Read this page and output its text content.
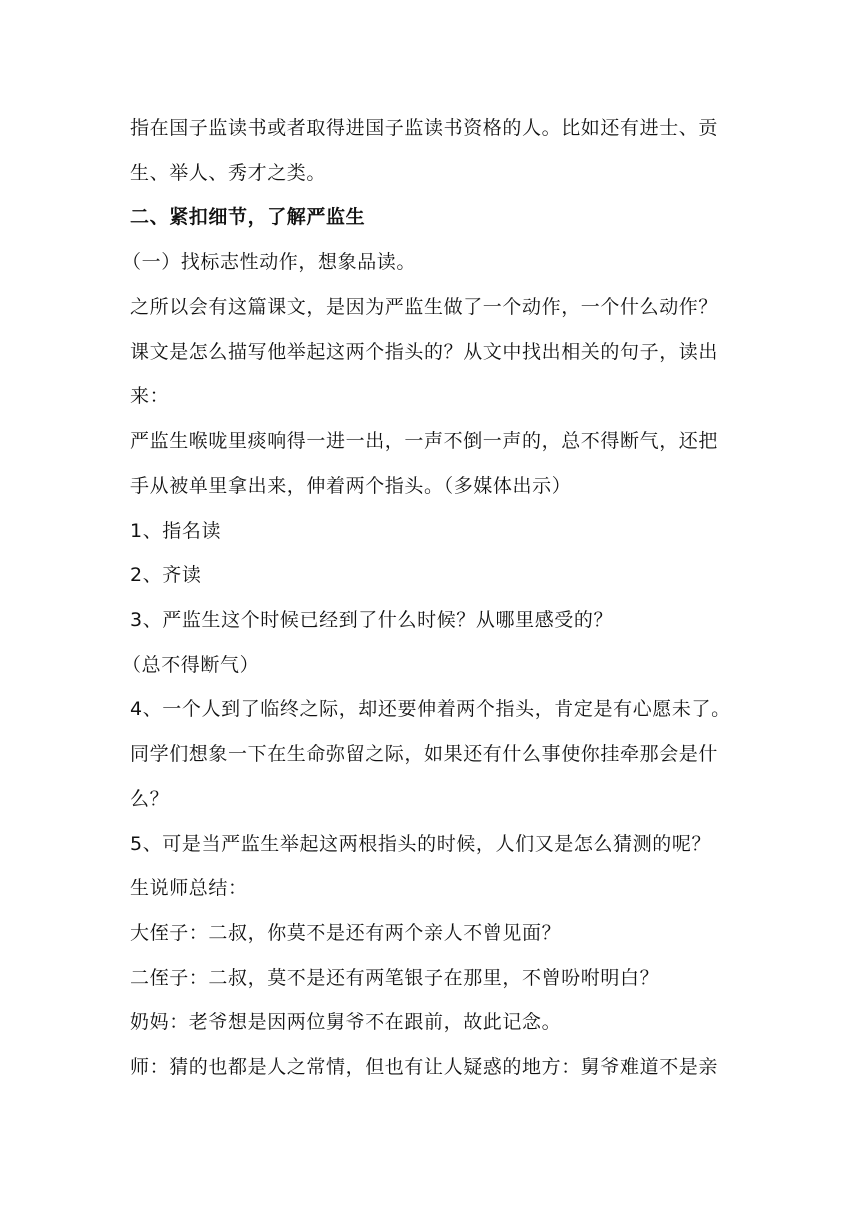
指在国子监读书或者取得进国子监读书资格的人。比如还有进士、贡
生、举人、秀才之类。
二、紧扣细节，了解严监生
（一）找标志性动作，想象品读。
之所以会有这篇课文，是因为严监生做了一个动作，一个什么动作？
课文是怎么描写他举起这两个指头的？从文中找出相关的句子，读出
来：
严监生喉咙里痰响得一进一出，一声不倒一声的，总不得断气，还把
手从被单里拿出来，伸着两个指头。（多媒体出示）
1、指名读
2、齐读
3、严监生这个时候已经到了什么时候？从哪里感受的？
（总不得断气）
4、一个人到了临终之际，却还要伸着两个指头，肯定是有心愿未了。
同学们想象一下在生命弥留之际，如果还有什么事使你挂牵那会是什
么？
5、可是当严监生举起这两根指头的时候，人们又是怎么猜测的呢？
生说师总结：
大侄子：二叔，你莫不是还有两个亲人不曾见面？
二侄子：二叔，莫不是还有两笔银子在那里，不曾吩咐明白？
奶妈：老爷想是因两位舅爷不在跟前，故此记念。
师：猜的也都是人之常情，但也有让人疑惑的地方：舅爷难道不是亲
